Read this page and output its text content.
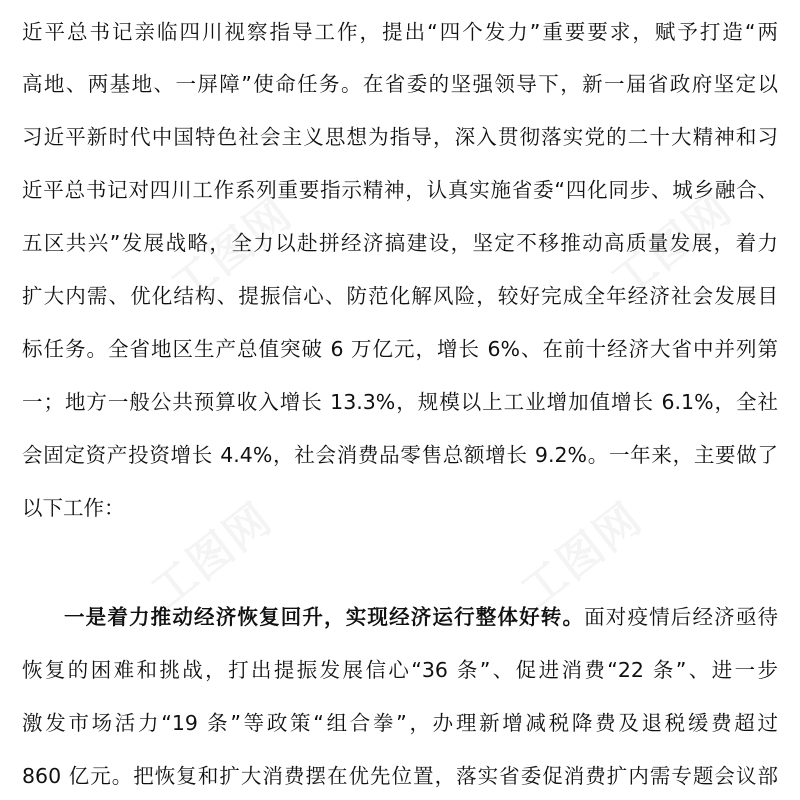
工图网	工图网
工图网	工图网
近平总书记亲临四川视察指导工作，提出“四个发力”重要要求，赋予打造“两
高地、两基地、一屏障”使命任务。在省委的坚强领导下，新一届省政府坚定以
习近平新时代中国特色社会主义思想为指导，深入贯彻落实党的二十大精神和习
近平总书记对四川工作系列重要指示精神，认真实施省委“四化同步、城乡融合、
五区共兴”发展战略，全力以赴拼经济搞建设，坚定不移推动高质量发展，着力
扩大内需、优化结构、提振信心、防范化解风险，较好完成全年经济社会发展目
标任务。全省地区生产总值突破 6 万亿元，增长 6%、在前十经济大省中并列第
一；地方一般公共预算收入增长 13.3%，规模以上工业增加值增长 6.1%，全社
会固定资产投资增长 4.4%，社会消费品零售总额增长 9.2%。一年来，主要做了
以下工作：
一是着力推动经济恢复回升，实现经济运行整体好转。面对疫情后经济亟待
恢复的困难和挑战，打出提振发展信心“36 条”、促进消费“22 条”、进一步
激发市场活力“19 条”等政策“组合拳”，办理新增减税降费及退税缓费超过
860 亿元。把恢复和扩大消费摆在优先位置，落实省委促消费扩内需专题会议部
